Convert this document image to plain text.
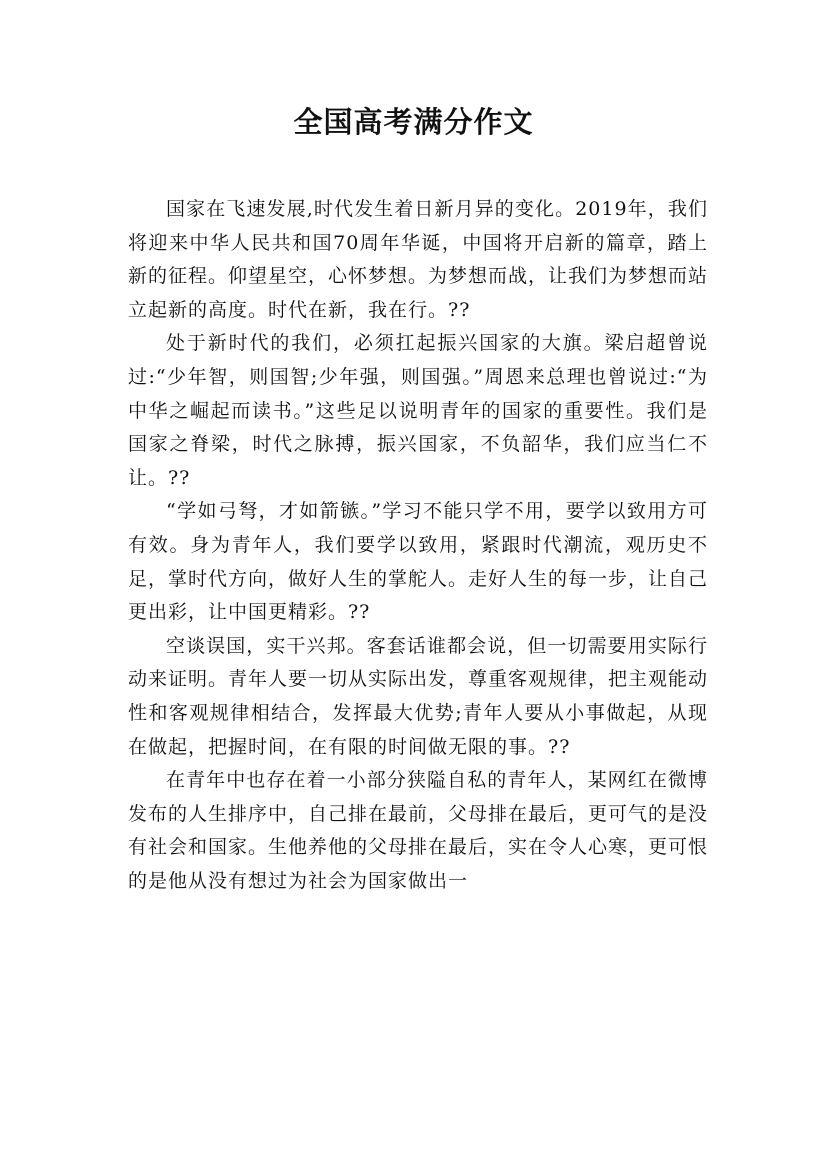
全国高考满分作文

国家在飞速发展,时代发生着日新月异的变化。2019年，我们将迎来中华人民共和国70周年华诞，中国将开启新的篇章，踏上新的征程。仰望星空，心怀梦想。为梦想而战，让我们为梦想而站立起新的高度。时代在新，我在行。??

处于新时代的我们，必须扛起振兴国家的大旗。梁启超曾说过:“少年智，则国智;少年强，则国强。”周恩来总理也曾说过:“为中华之崛起而读书。”这些足以说明青年的国家的重要性。我们是国家之脊梁，时代之脉搏，振兴国家，不负韶华，我们应当仁不让。??

“学如弓弩，才如箭镞。”学习不能只学不用，要学以致用方可有效。身为青年人，我们要学以致用，紧跟时代潮流，观历史不足，掌时代方向，做好人生的掌舵人。走好人生的每一步，让自己更出彩，让中国更精彩。??

空谈误国，实干兴邦。客套话谁都会说，但一切需要用实际行动来证明。青年人要一切从实际出发，尊重客观规律，把主观能动性和客观规律相结合，发挥最大优势;青年人要从小事做起，从现在做起，把握时间，在有限的时间做无限的事。??

在青年中也存在着一小部分狭隘自私的青年人，某网红在微博发布的人生排序中，自己排在最前，父母排在最后，更可气的是没有社会和国家。生他养他的父母排在最后，实在令人心寒，更可恨的是他从没有想过为社会为国家做出一
